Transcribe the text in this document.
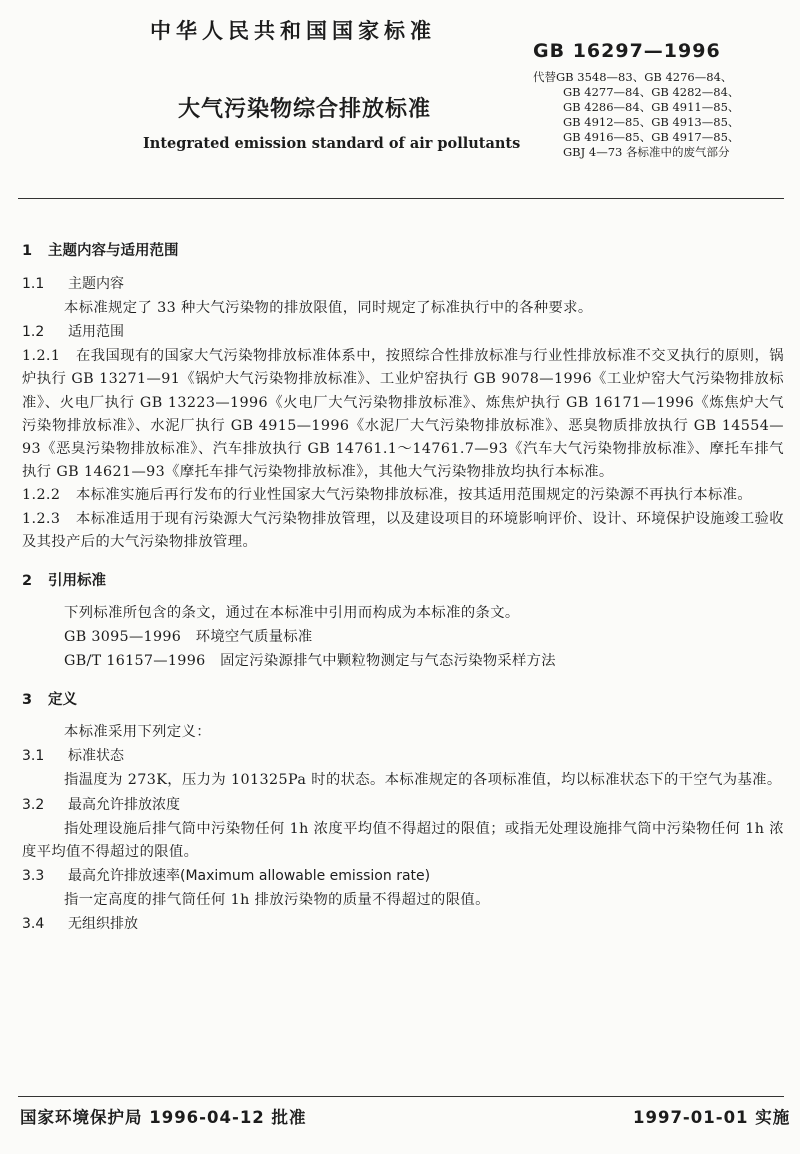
中华人民共和国国家标准
GB 16297—1996
代替GB 3548—83、GB 4276—84、
GB 4277—84、GB 4282—84、
GB 4286—84、GB 4911—85、
GB 4912—85、GB 4913—85、
GB 4916—85、GB 4917—85、
GBJ 4—73 各标准中的废气部分
大气污染物综合排放标准
Integrated emission standard of air pollutants
1 主题内容与适用范围
1.1 主题内容
本标准规定了 33 种大气污染物的排放限值，同时规定了标准执行中的各种要求。
1.2 适用范围
1.2.1 在我国现有的国家大气污染物排放标准体系中，按照综合性排放标准与行业性排放标准不交叉执行的原则，锅炉执行 GB 13271—91《锅炉大气污染物排放标准》、工业炉窑执行 GB 9078—1996《工业炉窑大气污染物排放标准》、火电厂执行 GB 13223—1996《火电厂大气污染物排放标准》、炼焦炉执行 GB 16171—1996《炼焦炉大气污染物排放标准》、水泥厂执行 GB 4915—1996《水泥厂大气污染物排放标准》、恶臭物质排放执行 GB 14554—93《恶臭污染物排放标准》、汽车排放执行 GB 14761.1～14761.7—93《汽车大气污染物排放标准》、摩托车排气执行 GB 14621—93《摩托车排气污染物排放标准》，其他大气污染物排放均执行本标准。
1.2.2 本标准实施后再行发布的行业性国家大气污染物排放标准，按其适用范围规定的污染源不再执行本标准。
1.2.3 本标准适用于现有污染源大气污染物排放管理，以及建设项目的环境影响评价、设计、环境保护设施竣工验收及其投产后的大气污染物排放管理。
2 引用标准
下列标准所包含的条文，通过在本标准中引用而构成为本标准的条文。
GB 3095—1996　环境空气质量标准
GB/T 16157—1996　固定污染源排气中颗粒物测定与气态污染物采样方法
3 定义
本标准采用下列定义：
3.1 标准状态
指温度为 273K，压力为 101325Pa 时的状态。本标准规定的各项标准值，均以标准状态下的干空气为基准。
3.2 最高允许排放浓度
指处理设施后排气筒中污染物任何 1h 浓度平均值不得超过的限值；或指无处理设施排气筒中污染物任何 1h 浓度平均值不得超过的限值。
3.3 最高允许排放速率(Maximum allowable emission rate)
指一定高度的排气筒任何 1h 排放污染物的质量不得超过的限值。
3.4 无组织排放
国家环境保护局 1996-04-12 批准	1997-01-01 实施
